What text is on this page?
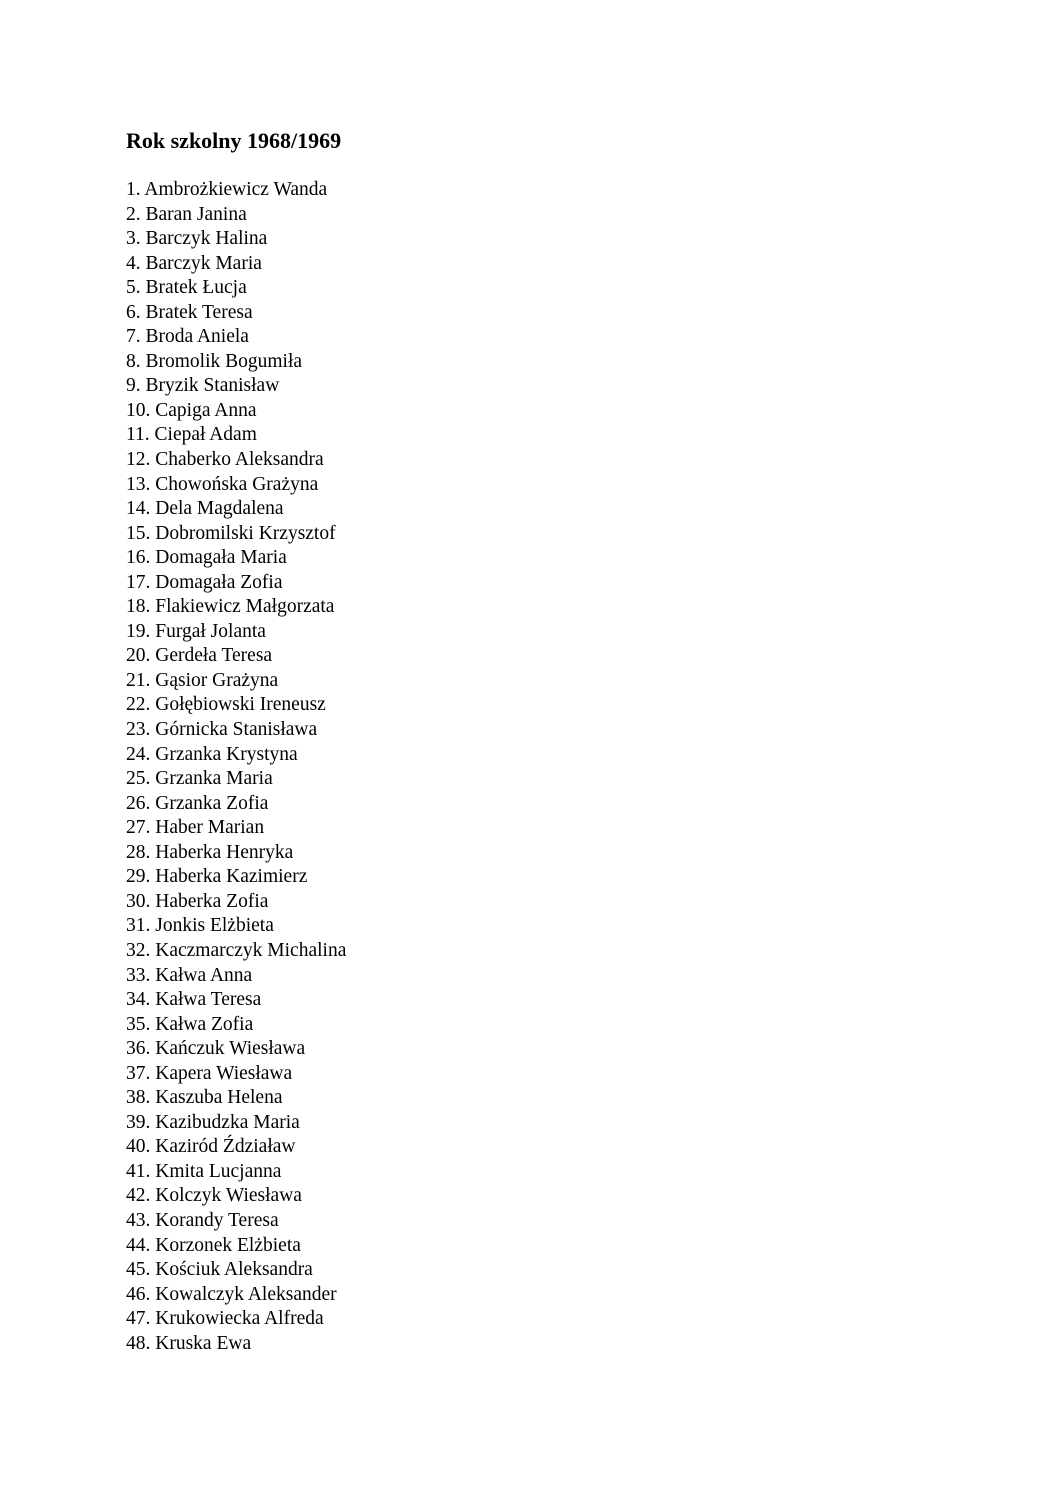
Rok szkolny 1968/1969
1. Ambrożkiewicz Wanda
2. Baran Janina
3. Barczyk Halina
4. Barczyk Maria
5. Bratek Łucja
6. Bratek Teresa
7. Broda Aniela
8. Bromolik Bogumiła
9. Bryzik Stanisław
10. Capiga Anna
11. Ciepał Adam
12. Chaberko Aleksandra
13. Chowońska Grażyna
14. Dela Magdalena
15. Dobromilski Krzysztof
16. Domagała Maria
17. Domagała Zofia
18. Flakiewicz Małgorzata
19. Furgał Jolanta
20. Gerdeła Teresa
21. Gąsior Grażyna
22. Gołębiowski Ireneusz
23. Górnicka Stanisława
24. Grzanka Krystyna
25. Grzanka Maria
26. Grzanka Zofia
27. Haber Marian
28. Haberka Henryka
29. Haberka Kazimierz
30. Haberka Zofia
31. Jonkis Elżbieta
32. Kaczmarczyk Michalina
33. Kałwa Anna
34. Kałwa Teresa
35. Kałwa Zofia
36. Kańczuk Wiesława
37. Kapera Wiesława
38. Kaszuba Helena
39. Kazibudzka Maria
40. Kaziród Ździaław
41. Kmita Lucjanna
42. Kolczyk Wiesława
43. Korandy Teresa
44. Korzonek Elżbieta
45. Kościuk Aleksandra
46. Kowalczyk Aleksander
47. Krukowiecka Alfreda
48. Kruska Ewa
